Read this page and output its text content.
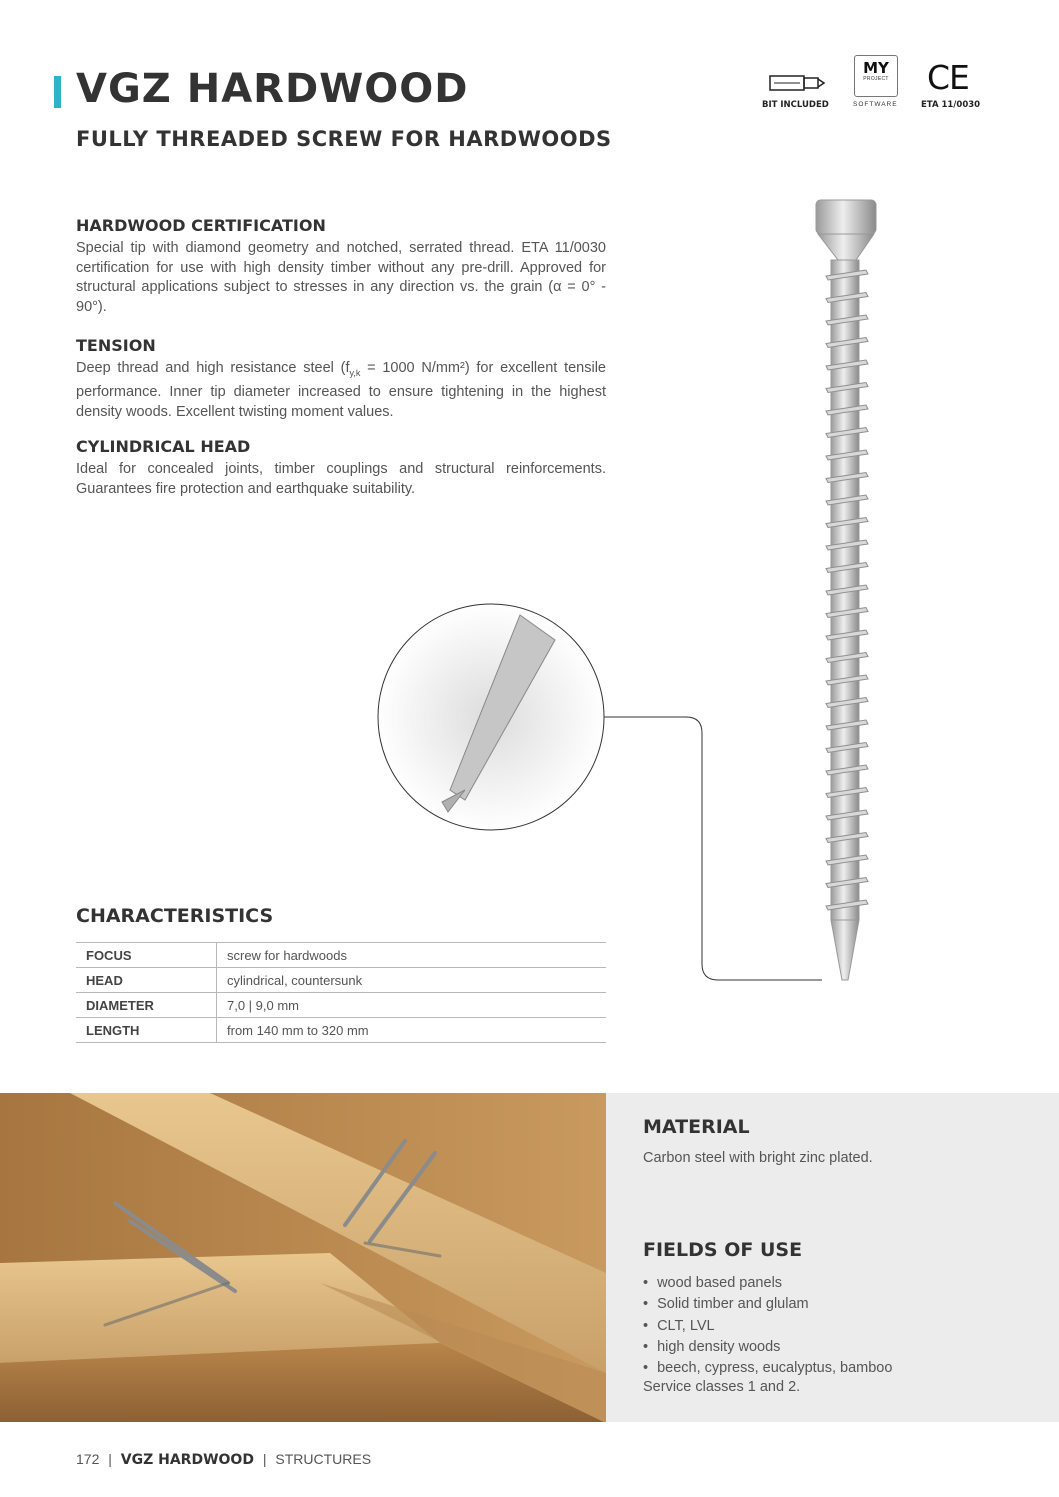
VGZ HARDWOOD
FULLY THREADED SCREW FOR HARDWOODS
BIT INCLUDED
MY
PROJECT
SOFTWARE
CE
ETA 11/0030
HARDWOOD CERTIFICATION

Special tip with diamond geometry and notched, serrated thread. ETA 11/0030 certification for use with high density timber without any pre-drill. Approved for structural applications subject to stresses in any direction vs. the grain (α = 0° - 90°).

TENSION

Deep thread and high resistance steel ($f_{y,k} = 1000$ N/mm²) for excellent tensile performance. Inner tip diameter increased to ensure tightening in the highest density woods. Excellent twisting moment values.

CYLINDRICAL HEAD

Ideal for concealed joints, timber couplings and structural reinforcements. Guarantees fire protection and earthquake suitability.

CHARACTERISTICS
FOCUS	screw for hardwoods
HEAD	cylindrical, countersunk
DIAMETER	7,0 | 9,0 mm
LENGTH	from 140 mm to 320 mm
MATERIAL

Carbon steel with bright zinc plated.

FIELDS OF USE
• wood based panels
• Solid timber and glulam
• CLT, LVL
• high density woods
• beech, cypress, eucalyptus, bamboo

Service classes 1 and 2.

172 | VGZ HARDWOOD | STRUCTURES
